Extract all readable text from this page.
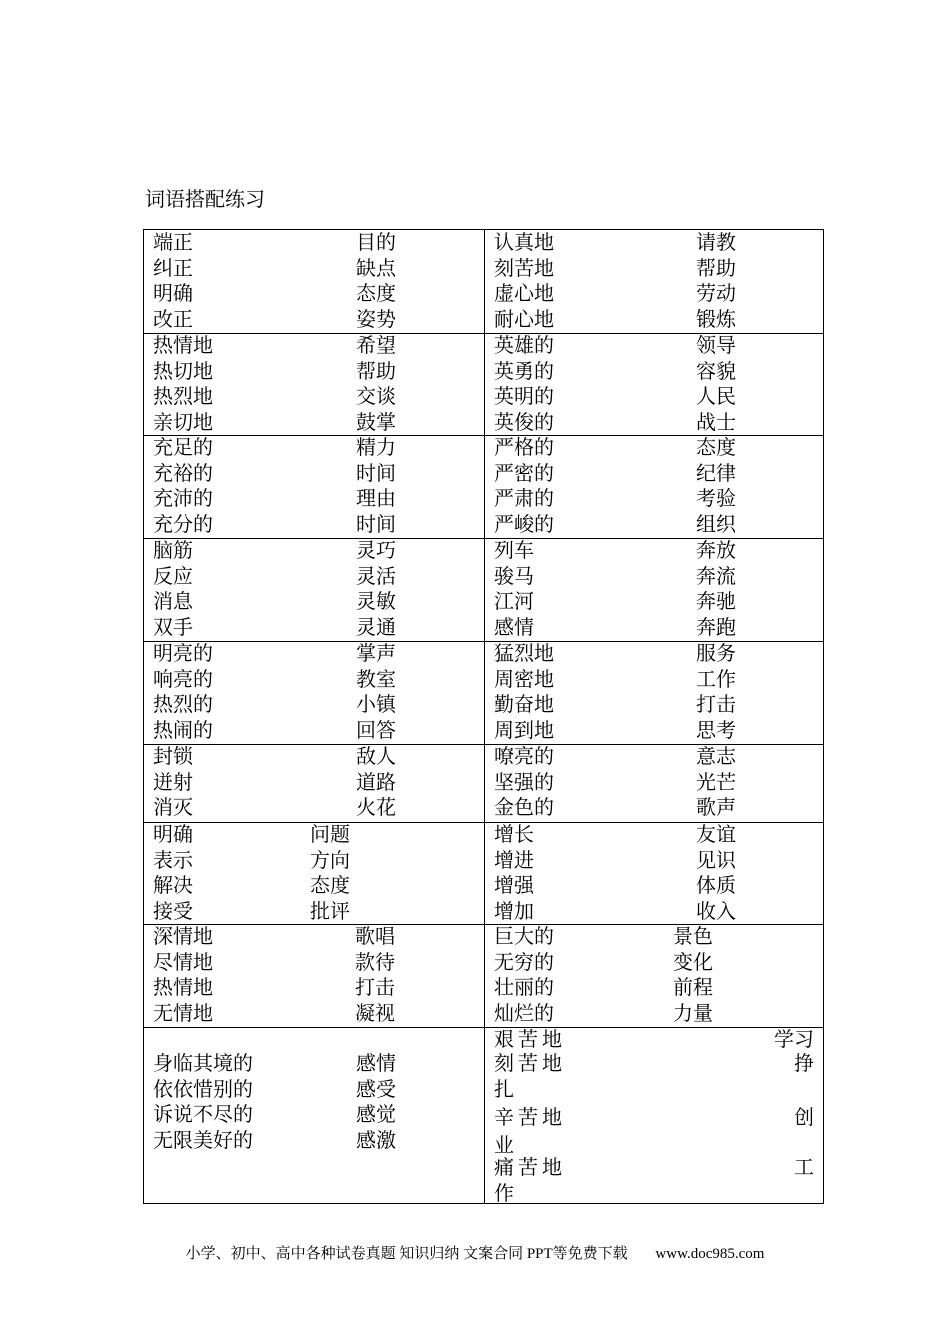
词语搭配练习
端正	目的
纠正	缺点
明确	态度
改正	姿势
认真地	请教
刻苦地	帮助
虚心地	劳动
耐心地	锻炼
热情地	希望
热切地	帮助
热烈地	交谈
亲切地	鼓掌
英雄的	领导
英勇的	容貌
英明的	人民
英俊的	战士
充足的	精力
充裕的	时间
充沛的	理由
充分的	时间
严格的	态度
严密的	纪律
严肃的	考验
严峻的	组织
脑筋	灵巧
反应	灵活
消息	灵敏
双手	灵通
列车	奔放
骏马	奔流
江河	奔驰
感情	奔跑
明亮的	掌声
响亮的	教室
热烈的	小镇
热闹的	回答
猛烈地	服务
周密地	工作
勤奋地	打击
周到地	思考
封锁	敌人
迸射	道路
消灭	火花
嘹亮的	意志
坚强的	光芒
金色的	歌声
明确	问题
表示	方向
解决	态度
接受	批评
增长	友谊
增进	见识
增强	体质
增加	收入
深情地	歌唱
尽情地	款待
热情地	打击
无情地	凝视
巨大的	景色
无穷的	变化
壮丽的	前程
灿烂的	力量
身临其境的	感情
依依惜别的	感受
诉说不尽的	感觉
无限美好的	感激
艰苦地	学习
刻苦地	挣
扎
辛苦地	创
业
痛苦地	工
作
小学、初中、高中各种试卷真题 知识归纳 文案合同 PPT等免费下载 www.doc985.com
